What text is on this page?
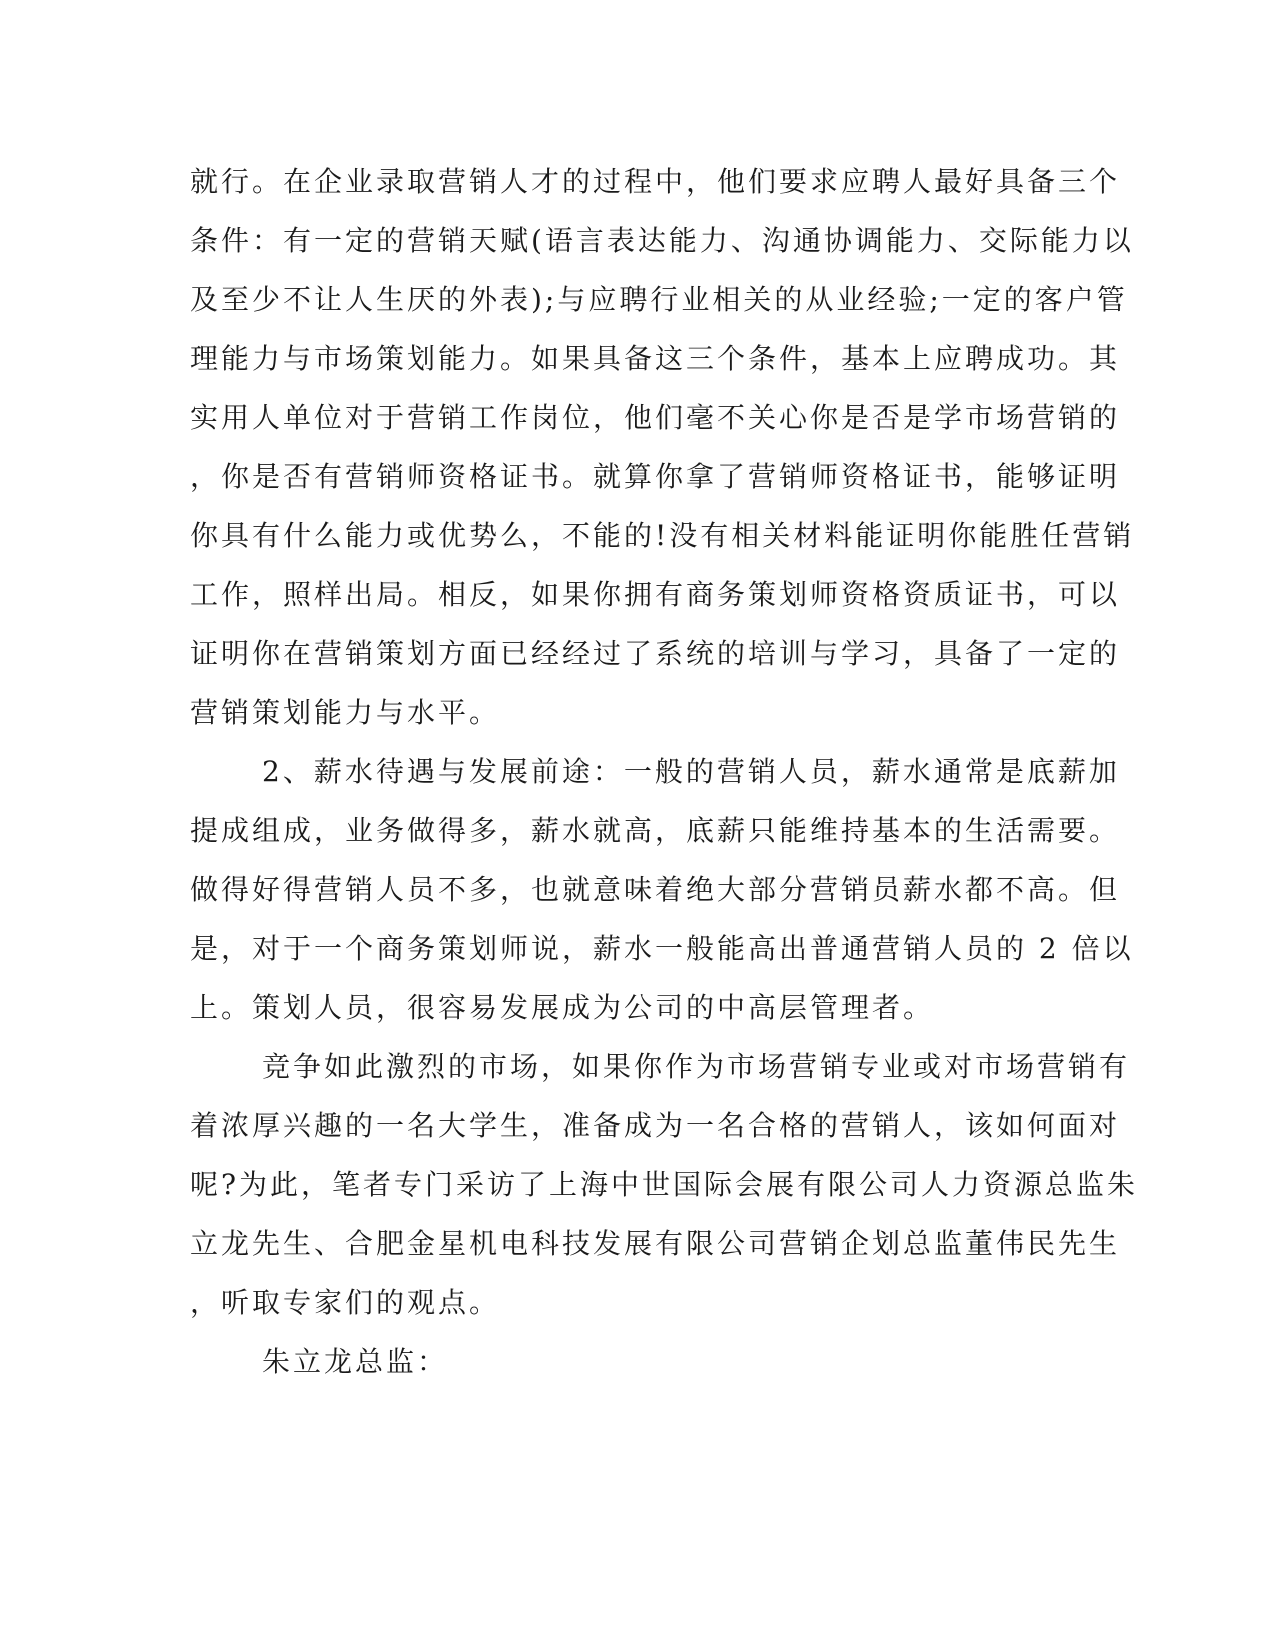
就行。在企业录取营销人才的过程中，他们要求应聘人最好具备三个
条件：有一定的营销天赋(语言表达能力、沟通协调能力、交际能力以
及至少不让人生厌的外表);与应聘行业相关的从业经验;一定的客户管
理能力与市场策划能力。如果具备这三个条件，基本上应聘成功。其
实用人单位对于营销工作岗位，他们毫不关心你是否是学市场营销的
，你是否有营销师资格证书。就算你拿了营销师资格证书，能够证明
你具有什么能力或优势么，不能的!没有相关材料能证明你能胜任营销
工作，照样出局。相反，如果你拥有商务策划师资格资质证书，可以
证明你在营销策划方面已经经过了系统的培训与学习，具备了一定的
营销策划能力与水平。
2、薪水待遇与发展前途：一般的营销人员，薪水通常是底薪加
提成组成，业务做得多，薪水就高，底薪只能维持基本的生活需要。
做得好得营销人员不多，也就意味着绝大部分营销员薪水都不高。但
是，对于一个商务策划师说，薪水一般能高出普通营销人员的 2 倍以
上。策划人员，很容易发展成为公司的中高层管理者。
竞争如此激烈的市场，如果你作为市场营销专业或对市场营销有
着浓厚兴趣的一名大学生，准备成为一名合格的营销人，该如何面对
呢?为此，笔者专门采访了上海中世国际会展有限公司人力资源总监朱
立龙先生、合肥金星机电科技发展有限公司营销企划总监董伟民先生
，听取专家们的观点。
朱立龙总监：
